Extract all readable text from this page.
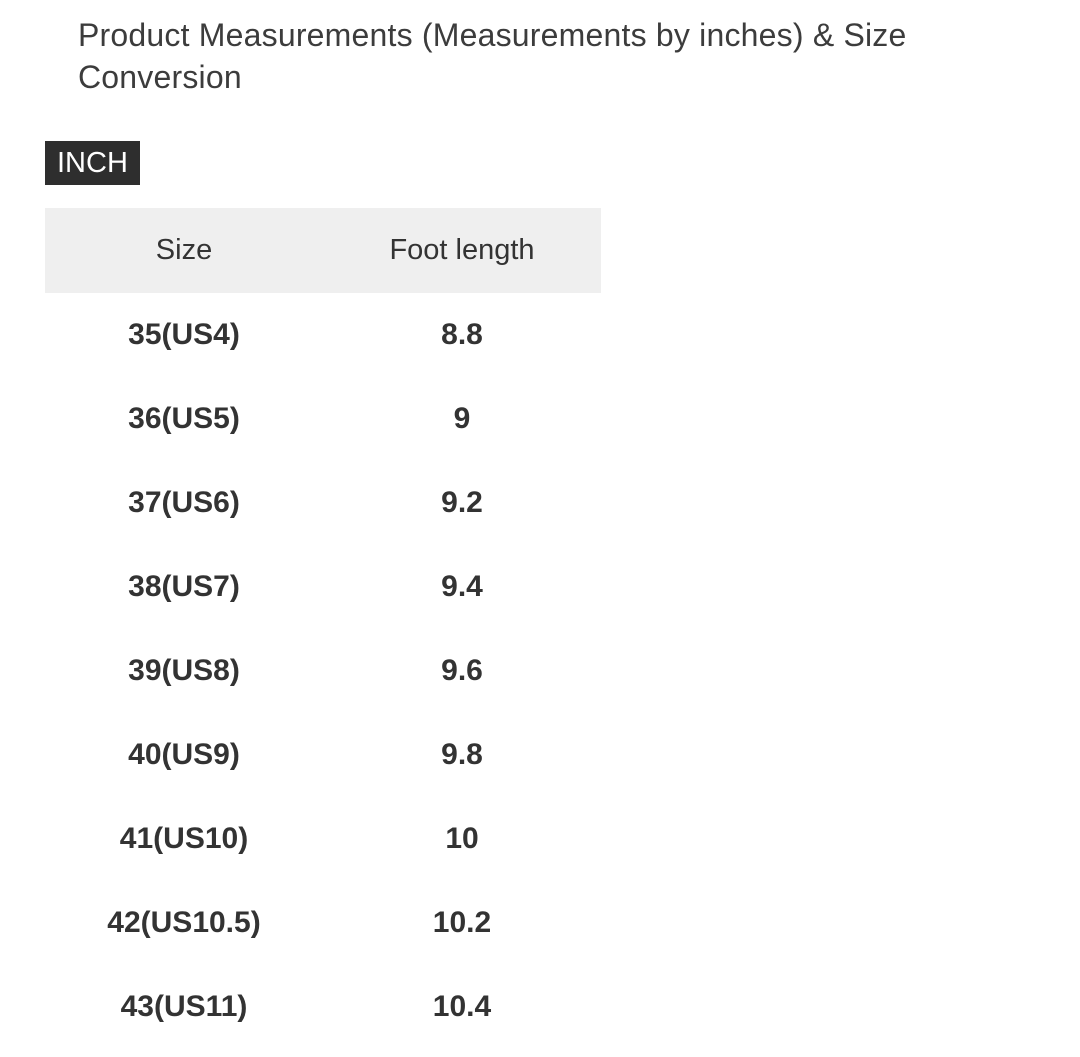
Product Measurements (Measurements by inches) & Size Conversion
INCH
Size	Foot length
35(US4)	8.8
36(US5)	9
37(US6)	9.2
38(US7)	9.4
39(US8)	9.6
40(US9)	9.8
41(US10)	10
42(US10.5)	10.2
43(US11)	10.4
